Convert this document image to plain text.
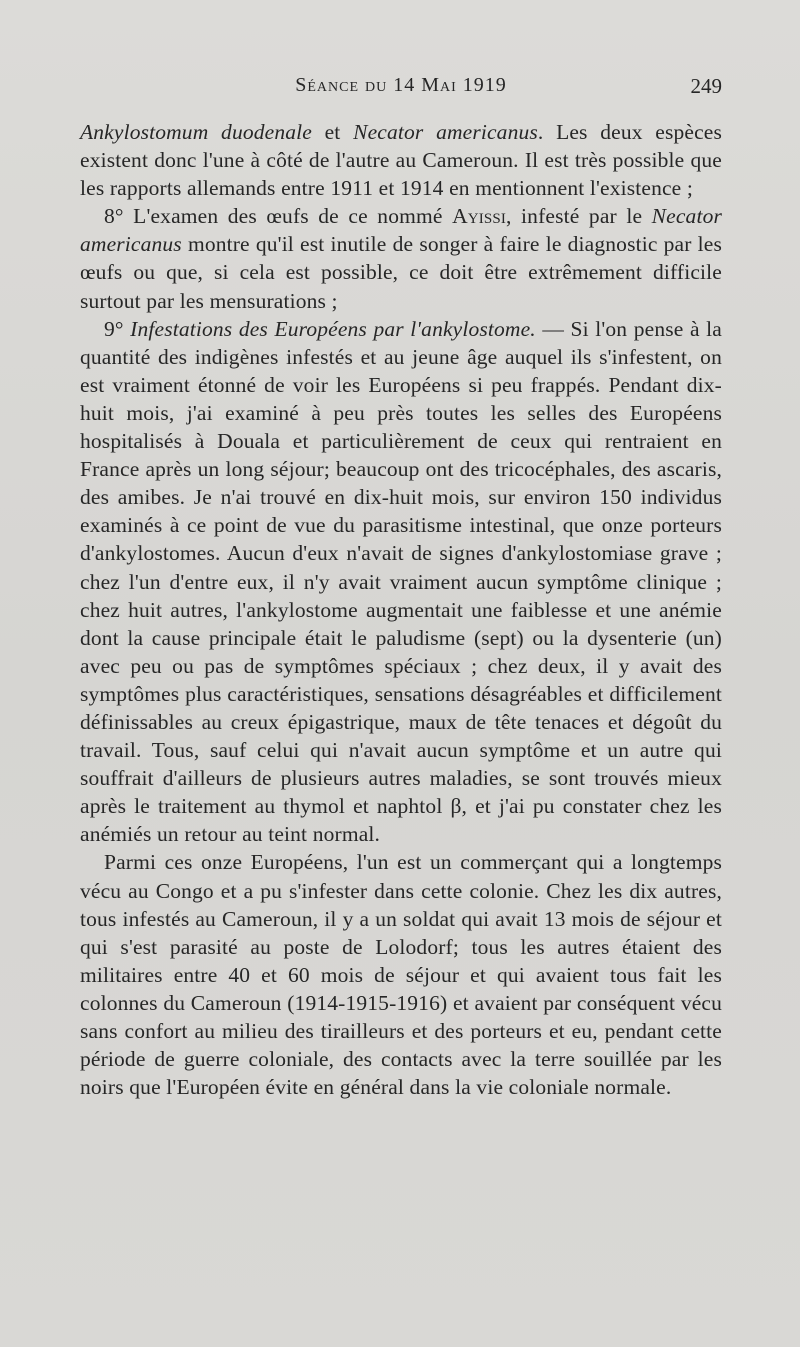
Séance du 14 Mai 1919	249

Ankylostomum duodenale et Necator americanus. Les deux espèces existent donc l'une à côté de l'autre au Cameroun. Il est très possible que les rapports allemands entre 1911 et 1914 en mentionnent l'existence ;

8° L'examen des œufs de ce nommé Ayissi, infesté par le Necator americanus montre qu'il est inutile de songer à faire le diagnostic par les œufs ou que, si cela est possible, ce doit être extrêmement difficile surtout par les mensurations ;

9° Infestations des Européens par l'ankylostome. — Si l'on pense à la quantité des indigènes infestés et au jeune âge auquel ils s'infestent, on est vraiment étonné de voir les Européens si peu frappés. Pendant dix-huit mois, j'ai examiné à peu près toutes les selles des Européens hospitalisés à Douala et particulièrement de ceux qui rentraient en France après un long séjour; beaucoup ont des tricocéphales, des ascaris, des amibes. Je n'ai trouvé en dix-huit mois, sur environ 150 individus examinés à ce point de vue du parasitisme intestinal, que onze porteurs d'ankylostomes. Aucun d'eux n'avait de signes d'ankylostomiase grave ; chez l'un d'entre eux, il n'y avait vraiment aucun symptôme clinique ; chez huit autres, l'ankylostome augmentait une faiblesse et une anémie dont la cause principale était le paludisme (sept) ou la dysenterie (un) avec peu ou pas de symptômes spéciaux ; chez deux, il y avait des symptômes plus caractéristiques, sensations désagréables et difficilement définissables au creux épigastrique, maux de tête tenaces et dégoût du travail. Tous, sauf celui qui n'avait aucun symptôme et un autre qui souffrait d'ailleurs de plusieurs autres maladies, se sont trouvés mieux après le traitement au thymol et naphtol β, et j'ai pu constater chez les anémiés un retour au teint normal.

Parmi ces onze Européens, l'un est un commerçant qui a longtemps vécu au Congo et a pu s'infester dans cette colonie. Chez les dix autres, tous infestés au Cameroun, il y a un soldat qui avait 13 mois de séjour et qui s'est parasité au poste de Lolodorf; tous les autres étaient des militaires entre 40 et 60 mois de séjour et qui avaient tous fait les colonnes du Cameroun (1914-1915-1916) et avaient par conséquent vécu sans confort au milieu des tirailleurs et des porteurs et eu, pendant cette période de guerre coloniale, des contacts avec la terre souillée par les noirs que l'Européen évite en général dans la vie coloniale normale.
